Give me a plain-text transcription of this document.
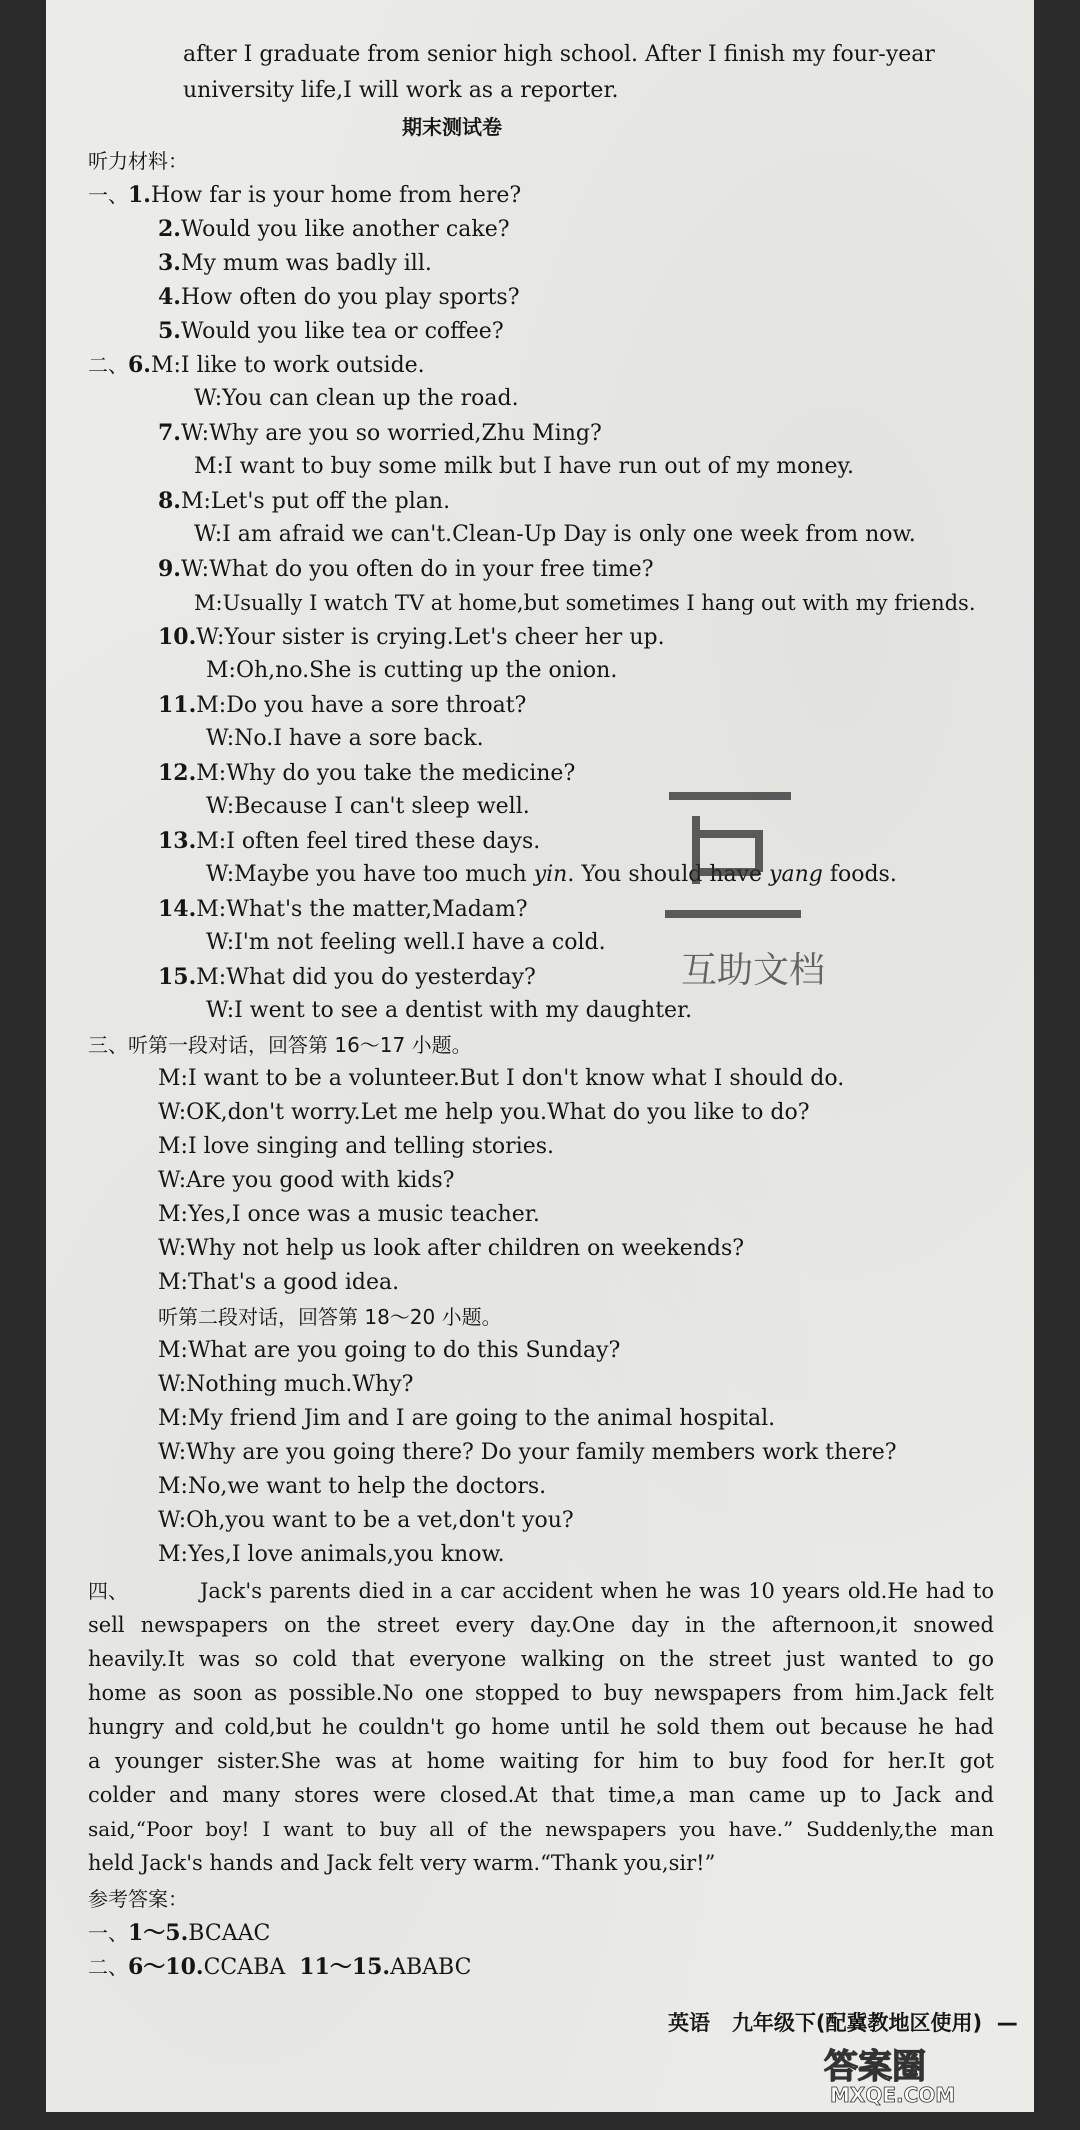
after I graduate from senior high school. After I finish my four-year
university life,I will work as a reporter.
期末测试卷
听力材料：
一、1.How far is your home from here?
2.Would you like another cake?
3.My mum was badly ill.
4.How often do you play sports?
5.Would you like tea or coffee?
二、6.M:I like to work outside.
W:You can clean up the road.
7.W:Why are you so worried,Zhu Ming?
M:I want to buy some milk but I have run out of my money.
8.M:Let's put off the plan.
W:I am afraid we can't.Clean-Up Day is only one week from now.
9.W:What do you often do in your free time?
M:Usually I watch TV at home,but sometimes I hang out with my friends.
10.W:Your sister is crying.Let's cheer her up.
M:Oh,no.She is cutting up the onion.
11.M:Do you have a sore throat?
W:No.I have a sore back.
12.M:Why do you take the medicine?
W:Because I can't sleep well.
13.M:I often feel tired these days.
W:Maybe you have too much yin. You should have yang foods.
14.M:What's the matter,Madam?
W:I'm not feeling well.I have a cold.
15.M:What did you do yesterday?
W:I went to see a dentist with my daughter.
三、听第一段对话，回答第 16～17 小题。
M:I want to be a volunteer.But I don't know what I should do.
W:OK,don't worry.Let me help you.What do you like to do?
M:I love singing and telling stories.
W:Are you good with kids?
M:Yes,I once was a music teacher.
W:Why not help us look after children on weekends?
M:That's a good idea.
听第二段对话，回答第 18～20 小题。
M:What are you going to do this Sunday?
W:Nothing much.Why?
M:My friend Jim and I are going to the animal hospital.
W:Why are you going there? Do your family members work there?
M:No,we want to help the doctors.
W:Oh,you want to be a vet,don't you?
M:Yes,I love animals,you know.
四、	Jack's parents died in a car accident when he was 10 years old.He had to
sell newspapers on the street every day.One day in the afternoon,it snowed
heavily.It was so cold that everyone walking on the street just wanted to go
home as soon as possible.No one stopped to buy newspapers from him.Jack felt
hungry and cold,but he couldn't go home until he sold them out because he had
a younger sister.She was at home waiting for him to buy food for her.It got
colder and many stores were closed.At that time,a man came up to Jack and
said,“Poor boy! I want to buy all of the newspapers you have.” Suddenly,the man
held Jack's hands and Jack felt very warm.“Thank you,sir!”
参考答案：
一、1～5.BCAAC
二、6～10.CCABA 11～15.ABABC
英语 九年级下(配冀教地区使用) —
互助文档
答案圈
MXQE.COM
